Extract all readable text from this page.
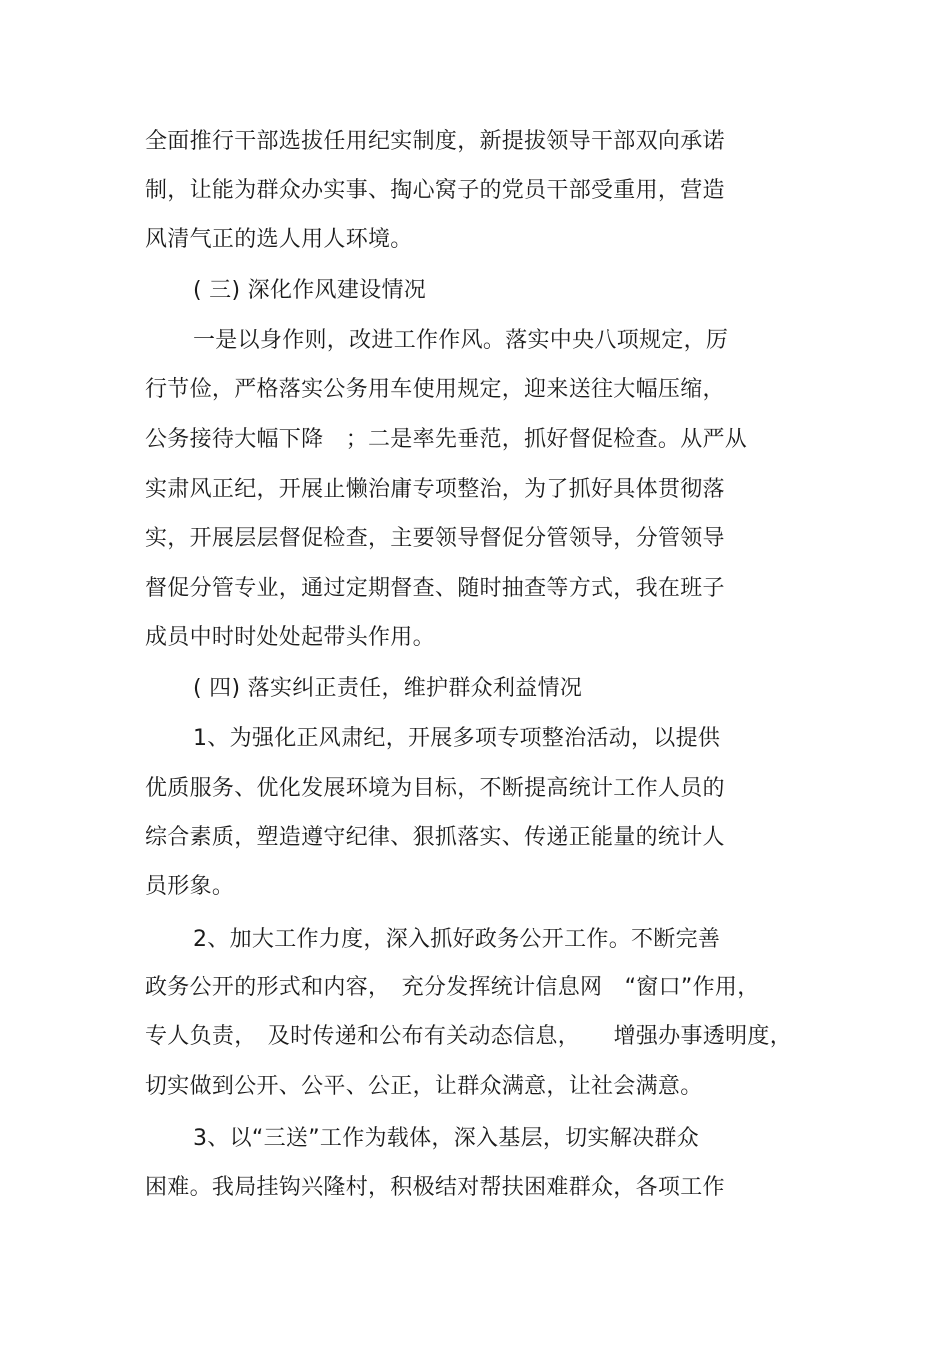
全面推行干部选拔任用纪实制度，新提拔领导干部双向承诺
制，让能为群众办实事、掏心窝子的党员干部受重用，营造
风清气正的选人用人环境。
( 三) 深化作风建设情况
一是以身作则，改进工作作风。落实中央八项规定，厉
行节俭，严格落实公务用车使用规定，迎来送往大幅压缩，
公务接待大幅下降　；二是率先垂范，抓好督促检查。从严从
实肃风正纪，开展止懒治庸专项整治，为了抓好具体贯彻落
实，开展层层督促检查，主要领导督促分管领导，分管领导
督促分管专业，通过定期督查、随时抽查等方式，我在班子
成员中时时处处起带头作用。
( 四) 落实纠正责任，维护群众利益情况
1、为强化正风肃纪，开展多项专项整治活动，以提供
优质服务、优化发展环境为目标，不断提高统计工作人员的
综合素质，塑造遵守纪律、狠抓落实、传递正能量的统计人
员形象。
2、加大工作力度，深入抓好政务公开工作。不断完善
政务公开的形式和内容，　充分发挥统计信息网　“窗口”作用，
专人负责，　及时传递和公布有关动态信息，　　增强办事透明度，
切实做到公开、公平、公正，让群众满意，让社会满意。
3、以“三送”工作为载体，深入基层，切实解决群众
困难。我局挂钩兴隆村，积极结对帮扶困难群众，各项工作
